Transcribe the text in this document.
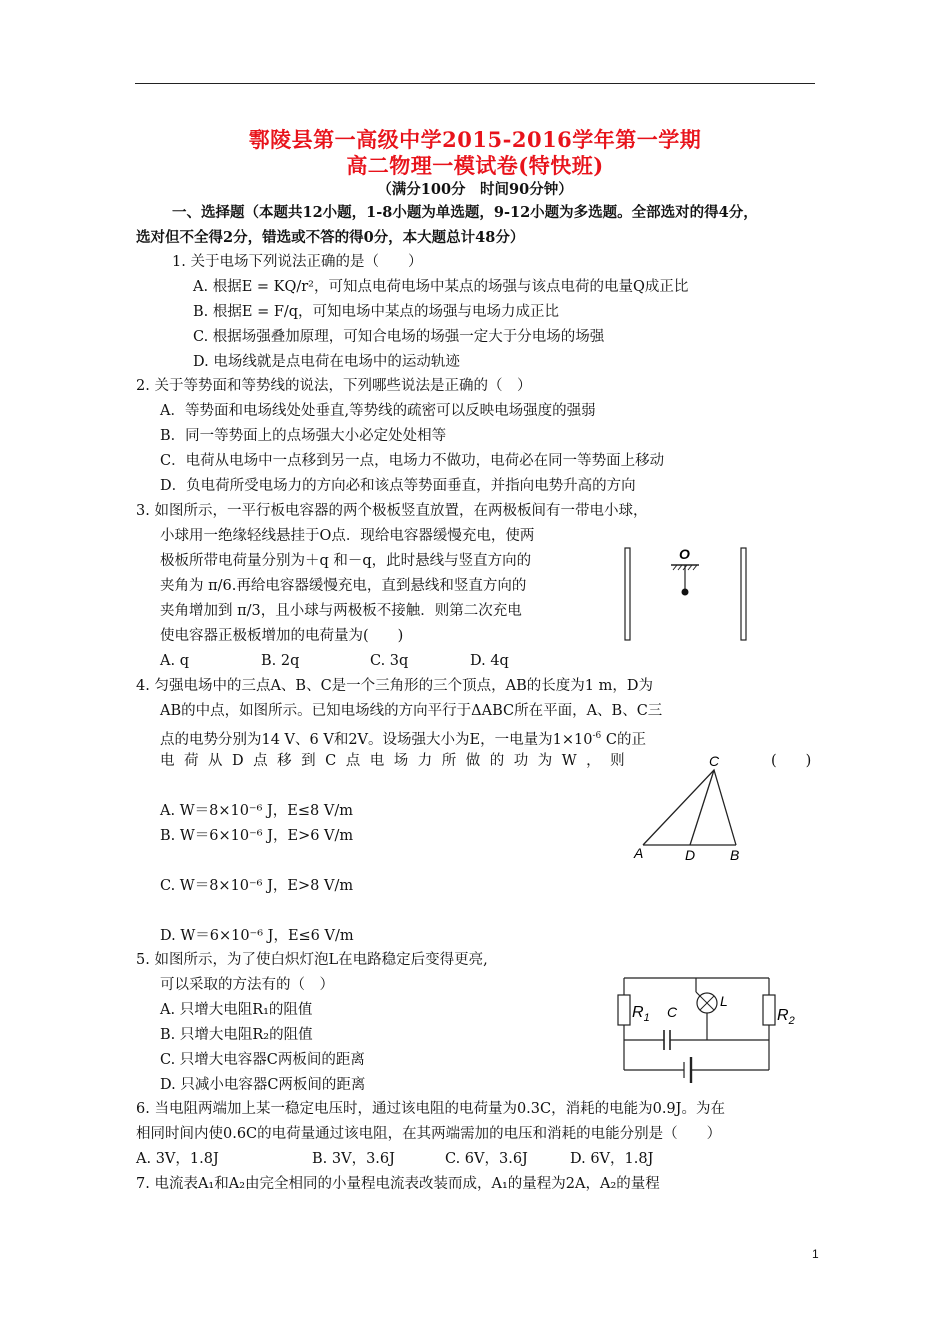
鄠陵县第一高级中学2015-2016学年第一学期
高二物理一模试卷(特快班)
（满分100分　时间90分钟）
一、选择题（本题共12小题，1-8小题为单选题，9-12小题为多选题。全部选对的得4分，
选对但不全得2分，错选或不答的得0分，本大题总计48分）
1. 关于电场下列说法正确的是（　　）
A. 根据E = KQ/r²，可知点电荷电场中某点的场强与该点电荷的电量Q成正比
B. 根据E = F/q，可知电场中某点的场强与电场力成正比
C. 根据场强叠加原理，可知合电场的场强一定大于分电场的场强
D. 电场线就是点电荷在电场中的运动轨迹
2. 关于等势面和等势线的说法，下列哪些说法是正确的（　）
A．等势面和电场线处处垂直,等势线的疏密可以反映电场强度的强弱
B．同一等势面上的点场强大小必定处处相等
C．电荷从电场中一点移到另一点，电场力不做功，电荷必在同一等势面上移动
D．负电荷所受电场力的方向必和该点等势面垂直，并指向电势升高的方向
3. 如图所示，一平行板电容器的两个极板竖直放置，在两极板间有一带电小球，
小球用一绝缘轻线悬挂于O点．现给电容器缓慢充电，使两
极板所带电荷量分别为＋q 和－q，此时悬线与竖直方向的
夹角为 π/6.再给电容器缓慢充电，直到悬线和竖直方向的
夹角增加到 π/3，且小球与两极板不接触．则第二次充电
使电容器正极板增加的电荷量为(　　)
A. q	B. 2q	C. 3q	D. 4q
O
4. 匀强电场中的三点A、B、C是一个三角形的三个顶点，AB的长度为1 m，D为
AB的中点，如图所示。已知电场线的方向平行于ΔABC所在平面，A、B、C三
点的电势分别为14 V、6 V和2V。设场强大小为E，一电量为$1\times 10^{-6}$ C的正
电荷从D点移到C点电场力所做的功为W，则	(　　)
A. W＝8×10⁻⁶ J，E≤8 V/m
B. W＝6×10⁻⁶ J，E>6 V/m
C. W＝8×10⁻⁶ J，E>8 V/m
D. W＝6×10⁻⁶ J，E≤6 V/m
C
A	D B
5. 如图所示，为了使白炽灯泡L在电路稳定后变得更亮,
可以采取的方法有的（　）
A. 只增大电阻R₁的阻值
B. 只增大电阻R₂的阻值
C. 只增大电容器C两板间的距离
D. 只减小电容器C两板间的距离
$R_1$ C
L
$R_2$
6. 当电阻两端加上某一稳定电压时，通过该电阻的电荷量为0.3C，消耗的电能为0.9J。为在
相同时间内使0.6C的电荷量通过该电阻，在其两端需加的电压和消耗的电能分别是（　　）
A. 3V，1.8J	B. 3V，3.6J	C. 6V，3.6J	D. 6V，1.8J
7. 电流表A₁和A₂由完全相同的小量程电流表改装而成，A₁的量程为2A，A₂的量程
1
